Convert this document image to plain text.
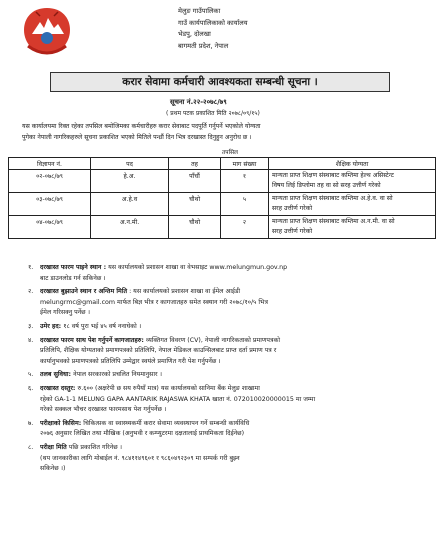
मेलुङ गाउँपालिका
गाउँ कार्यपालिकाको कार्यालय
भेडपु, दोलखा
बागमती प्रदेश, नेपाल
करार सेवामा कर्मचारी आवश्यकता सम्बन्धी सूचना ।
सूचना नं.२२-२०७८/७९
( प्रथम पटक प्रकाशित मिति २०७८/०९/१५)
यस कार्यालयमा रिक्त रहेका तपसिल बमोजिमका कर्मचारीहरु करार सेवाबाट पदपूर्ति गर्नुपर्ने भएकोले योग्यता
पुगेका नेपाली नागरिकहरुले सूचना प्रकाशित भएको मितिले पन्ध्रौं दिन भित्र दरखास्त दिनुहुन अनुरोध छ ।
तपसिल
विज्ञापन नं.	पद	तह	माग संख्या	शैक्षिक योग्यता
०२-०७८/७९	हे.अ.	पाँचौं	१	मान्यता प्राप्त शिक्षण संस्थाबाट कम्तिमा हेल्थ असिस्टेन्ट
विषय लिई डिप्लोमा तह वा सो सरह उत्तीर्ण गरेको

०३-०७८/७९	अ.हे.व	चौथो	५	मान्यता प्राप्त शिक्षण संस्थाबाट कम्तिमा अ.हे.व. वा सो
सरह उत्तीर्ण गरेको

०४-०७८/७९	अ.न.मी.	चौथो	२	मान्यता प्राप्त शिक्षण संस्थाबाट कम्तिमा अ.न.मी. वा सो
सरह उत्तीर्ण गरेको
१. दरखास्त फारम पाइने स्थान : यस कार्यालयको प्रशासन शाखा वा वेभसाइट www.melungmun.gov.np
बाट डाउनलोड गर्न सकिनेछ ।
२. दरखास्त बुझाउने स्थान र अन्तिम मिति : यस कार्यालयको प्रशासन शाखा वा ईमेल आईडी
melungrmc@gmail.com मार्फत बिज्ञ भीत्र र कागजातहरु समेत स्क्यान गरी २०७८/१०/५ भित्र
ईमेल गरिसक्नु पर्नेछ ।
३. उमेर हद: १८ वर्ष पुरा भई ४५ वर्ष ननाघेको ।
४. दरखास्त फारम साथ पेश गर्नुपर्ने कागजातहरु: व्यक्तिगत विवरण (CV), नेपाली नागरिकताको प्रमाणपत्रको
प्रतिलिपि, शैक्षिक योग्यताको प्रमाणपत्रको प्रतिलिपि, नेपाल मेडिकल काउन्सिलबाट प्राप्त दर्ता प्रमाण पत्र र
कार्यानुभवको प्रमाणपत्रको प्रतिलिपि उम्मेद्वार स्वयंले प्रमाणित गरी पेश गर्नुपर्नेछ ।
५. तलब सुविधा: नेपाल सरकारको प्रचलित नियमानुसार ।
६. दरखास्त दस्तुर: रु.६०० (अक्षरेपी छ सय रुपैयाँ मात्र) यस कार्यालयको सानिमा बैंक मेलुङ शाखामा
रहेको GA-1-1 MELUNG GAPA AANTARIK RAJASWA KHATA खाता नं. 072010020000015 मा जम्मा
गरेको सक्कल भौचर दरखास्त फारमसाथ पेश गर्नुपर्नेछ ।
७. परीक्षाको किसिम: चिकित्सक वा स्वास्थ्यकर्मी करार सेवामा व्यवस्थापन गर्ने सम्बन्धी कार्यविधि
२०७६ अनुसार लिखित तथा मौखिक (अनुभवी र कम्प्युटरमा दक्षतालाई प्राथमिकता दिईनेछ)
८. परीक्षा मिति पछि प्रकाशित गरिनेछ ।
(थप जानकारीका लागि मोबाईल नं. ९८४११४९६०१ र ९८६०४९२३०९ मा सम्पर्क गरी बुझ्न
सकिनेछ ।)
